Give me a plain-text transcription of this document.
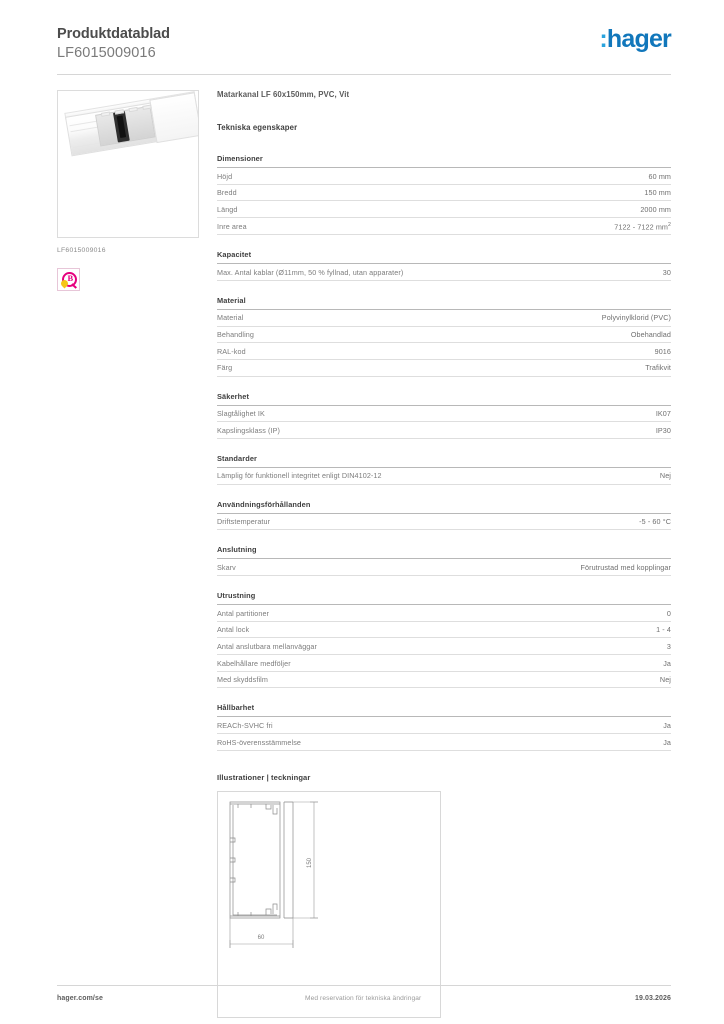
Produktdatablad
LF6015009016
:hager
LF6015009016
B
Matarkanal LF 60x150mm, PVC, Vit
Tekniska egenskaper
Dimensioner
Höjd	60 mm
Bredd	150 mm
Längd	2000 mm
Inre area	7122 - 7122 $mm^2$
Kapacitet
Max. Antal kablar (Ø11mm, 50 % fyllnad, utan apparater)	30
Material
Material	Polyvinylklorid (PVC)
Behandling	Obehandlad
RAL-kod	9016
Färg	Trafikvit
Säkerhet
Slagtålighet IK	IK07
Kapslingsklass (IP)	IP30
Standarder
Lämplig för funktionell integritet enligt DIN4102-12	Nej
Användningsförhållanden
Driftstemperatur	-5 - 60 °C
Anslutning
Skarv	Förutrustad med kopplingar
Utrustning
Antal partitioner	0
Antal lock	1 - 4
Antal anslutbara mellanväggar	3
Kabelhållare medföljer	Ja
Med skyddsfilm	Nej
Hållbarhet
REACh-SVHC fri	Ja
RoHS-överensstämmelse	Ja
Illustrationer | teckningar
150
60
hager.com/se	Med reservation för tekniska ändringar	19.03.2026
